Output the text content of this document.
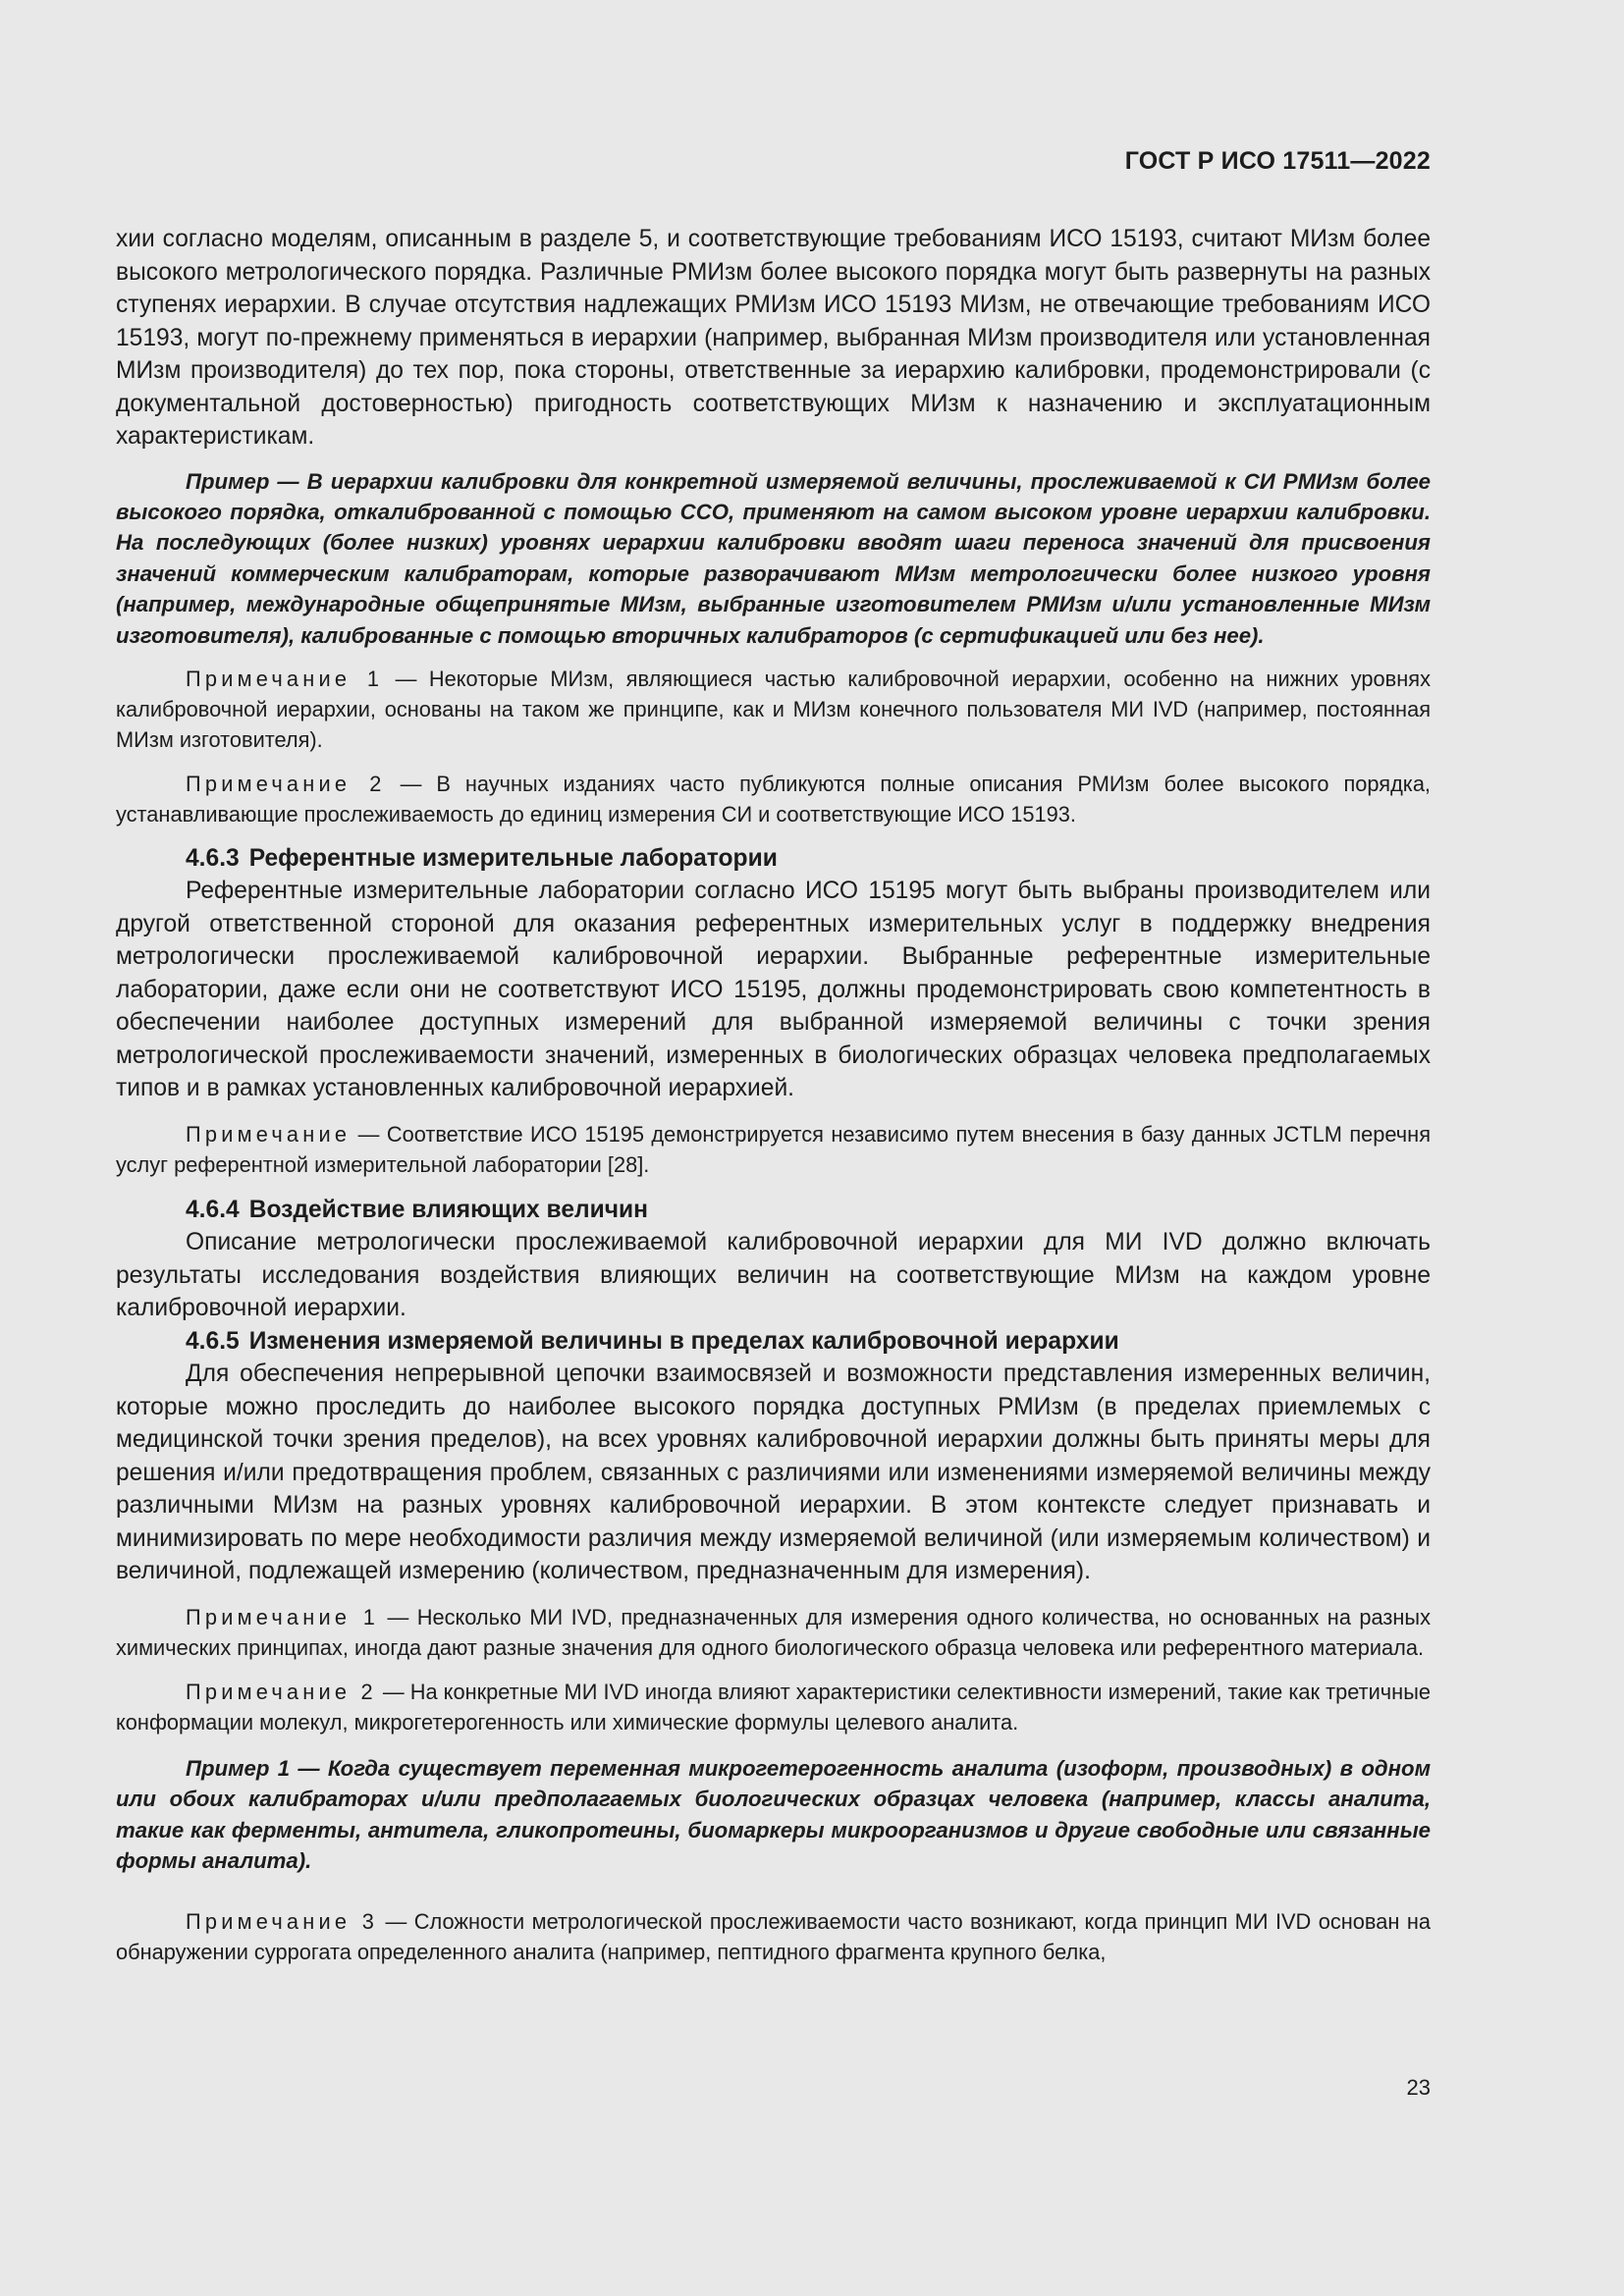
ГОСТ Р ИСО 17511—2022

хии согласно моделям, описанным в разделе 5, и соответствующие требованиям ИСО 15193, считают МИзм более высокого метрологического порядка. Различные РМИзм более высокого порядка могут быть развернуты на разных ступенях иерархии. В случае отсутствия надлежащих РМИзм ИСО 15193 МИзм, не отвечающие требованиям ИСО 15193, могут по-прежнему применяться в иерархии (например, выбранная МИзм производителя или установленная МИзм производителя) до тех пор, пока стороны, ответственные за иерархию калибровки, продемонстрировали (с документальной достоверностью) пригодность соответствующих МИзм к назначению и эксплуатационным характеристикам.

Пример — В иерархии калибровки для конкретной измеряемой величины, прослеживаемой к СИ РМИзм более высокого порядка, откалиброванной с помощью ССО, применяют на самом высоком уровне иерархии калибровки. На последующих (более низких) уровнях иерархии калибровки вводят шаги переноса значений для присвоения значений коммерческим калибраторам, которые разворачивают МИзм метрологически более низкого уровня (например, международные общепринятые МИзм, выбранные изготовителем РМИзм и/или установленные МИзм изготовителя), калиброванные с помощью вторичных калибраторов (с сертификацией или без нее).

Примечание 1 — Некоторые МИзм, являющиеся частью калибровочной иерархии, особенно на нижних уровнях калибровочной иерархии, основаны на таком же принципе, как и МИзм конечного пользователя МИ IVD (например, постоянная МИзм изготовителя).

Примечание 2 — В научных изданиях часто публикуются полные описания РМИзм более высокого порядка, устанавливающие прослеживаемость до единиц измерения СИ и соответствующие ИСО 15193.

4.6.3 Референтные измерительные лаборатории

Референтные измерительные лаборатории согласно ИСО 15195 могут быть выбраны производителем или другой ответственной стороной для оказания референтных измерительных услуг в поддержку внедрения метрологически прослеживаемой калибровочной иерархии. Выбранные референтные измерительные лаборатории, даже если они не соответствуют ИСО 15195, должны продемонстрировать свою компетентность в обеспечении наиболее доступных измерений для выбранной измеряемой величины с точки зрения метрологической прослеживаемости значений, измеренных в биологических образцах человека предполагаемых типов и в рамках установленных калибровочной иерархией.

Примечание — Соответствие ИСО 15195 демонстрируется независимо путем внесения в базу данных JCTLM перечня услуг референтной измерительной лаборатории [28].

4.6.4 Воздействие влияющих величин

Описание метрологически прослеживаемой калибровочной иерархии для МИ IVD должно включать результаты исследования воздействия влияющих величин на соответствующие МИзм на каждом уровне калибровочной иерархии.

4.6.5 Изменения измеряемой величины в пределах калибровочной иерархии

Для обеспечения непрерывной цепочки взаимосвязей и возможности представления измеренных величин, которые можно проследить до наиболее высокого порядка доступных РМИзм (в пределах приемлемых с медицинской точки зрения пределов), на всех уровнях калибровочной иерархии должны быть приняты меры для решения и/или предотвращения проблем, связанных с различиями или изменениями измеряемой величины между различными МИзм на разных уровнях калибровочной иерархии. В этом контексте следует признавать и минимизировать по мере необходимости различия между измеряемой величиной (или измеряемым количеством) и величиной, подлежащей измерению (количеством, предназначенным для измерения).

Примечание 1 — Несколько МИ IVD, предназначенных для измерения одного количества, но основанных на разных химических принципах, иногда дают разные значения для одного биологического образца человека или референтного материала.

Примечание 2 — На конкретные МИ IVD иногда влияют характеристики селективности измерений, такие как третичные конформации молекул, микрогетерогенность или химические формулы целевого аналита.

Пример 1 — Когда существует переменная микрогетерогенность аналита (изоформ, производных) в одном или обоих калибраторах и/или предполагаемых биологических образцах человека (например, классы аналита, такие как ферменты, антитела, гликопротеины, биомаркеры микроорганизмов и другие свободные или связанные формы аналита).

Примечание 3 — Сложности метрологической прослеживаемости часто возникают, когда принцип МИ IVD основан на обнаружении суррогата определенного аналита (например, пептидного фрагмента крупного белка,

23
